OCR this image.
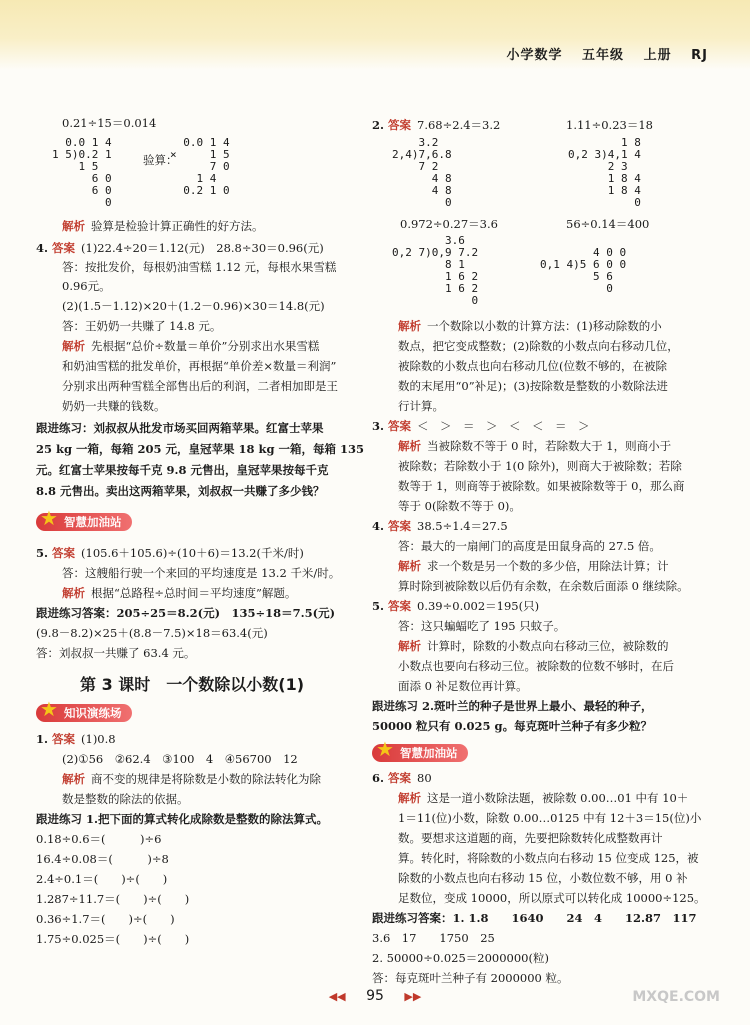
小学数学 五年级 上册 RJ
0.21÷15＝0.014
0.0 1 4
1 5)0.2 1
1 5
6 0
6 0
0
验算：
0.0 1 4
×     1 5
7 0
1 4
0.2 1 0
解析 验算是检验计算正确性的好方法。
4. 答案 (1)22.4÷20＝1.12(元)　28.8÷30＝0.96(元)
答：按批发价，每根奶油雪糕 1.12 元，每根水果雪糕
0.96元。
(2)(1.5－1.12)×20＋(1.2－0.96)×30＝14.8(元)
答：王奶奶一共赚了 14.8 元。
解析 先根据“总价÷数量＝单价”分别求出水果雪糕
和奶油雪糕的批发单价，再根据“单价差×数量＝利润”
分别求出两种雪糕全部售出后的利润，二者相加即是王
奶奶一共赚的钱数。
跟进练习：刘叔叔从批发市场买回两箱苹果。红富士苹果
25 kg 一箱，每箱 205 元，皇冠苹果 18 kg 一箱，每箱 135
元。红富士苹果按每千克 9.8 元售出，皇冠苹果按每千克
8.8 元售出。卖出这两箱苹果，刘叔叔一共赚了多少钱？
★ 智慧加油站
5. 答案 (105.6＋105.6)÷(10＋6)＝13.2(千米/时)
答：这艘船行驶一个来回的平均速度是 13.2 千米/时。
解析 根据“总路程÷总时间＝平均速度”解题。
跟进练习答案：205÷25＝8.2(元)　135÷18＝7.5(元)
(9.8－8.2)×25＋(8.8－7.5)×18＝63.4(元)
答：刘叔叔一共赚了 63.4 元。
第 3 课时　一个数除以小数(1)
★ 知识演练场
1. 答案 (1)0.8
(2)①56　②62.4　③100　4　④56700　12
解析 商不变的规律是将除数是小数的除法转化为除
数是整数的除法的依据。
跟进练习 1.把下面的算式转化成除数是整数的除法算式。
0.18÷0.6＝(　　　)÷6
16.4÷0.08＝(　　　)÷8
2.4÷0.1＝(　　)÷(　　)
1.287÷11.7＝(　　)÷(　　)
0.36÷1.7＝(　　)÷(　　)
1.75÷0.025＝(　　)÷(　　)
2. 答案 7.68÷2.4＝3.2	1.11÷0.23＝18
3.2
2,4)7,6.8
7 2
4 8
4 8
0
1 8
0,2 3)4,1 4
2 3
1 8 4
1 8 4
0
0.972÷0.27＝3.6	56÷0.14＝400
3.6
0,2 7)0,9 7.2
8 1
1 6 2
1 6 2
0
4 0 0
0,1 4)5 6 0 0
5 6
0
解析 一个数除以小数的计算方法：(1)移动除数的小
数点，把它变成整数；(2)除数的小数点向右移动几位，
被除数的小数点也向右移动几位(位数不够的，在被除
数的末尾用“0”补足)；(3)按除数是整数的小数除法进
行计算。
3. 答案 ＜　＞　＝　＞　＜　＜　＝　＞
解析 当被除数不等于 0 时，若除数大于 1，则商小于
被除数；若除数小于 1(0 除外)，则商大于被除数；若除
数等于 1，则商等于被除数。如果被除数等于 0，那么商
等于 0(除数不等于 0)。
4. 答案 38.5÷1.4＝27.5
答：最大的一扇闸门的高度是田鼠身高的 27.5 倍。
解析 求一个数是另一个数的多少倍，用除法计算；计
算时除到被除数以后仍有余数，在余数后面添 0 继续除。
5. 答案 0.39÷0.002＝195(只)
答：这只蝙蝠吃了 195 只蚊子。
解析 计算时，除数的小数点向右移动三位，被除数的
小数点也要向右移动三位。被除数的位数不够时，在后
面添 0 补足数位再计算。
跟进练习 2.斑叶兰的种子是世界上最小、最轻的种子，
50000 粒只有 0.025 g。每克斑叶兰种子有多少粒？
★ 智慧加油站
6. 答案 80
解析 这是一道小数除法题，被除数 0.00…01 中有 10＋
1＝11(位)小数，除数 0.00…0125 中有 12＋3＝15(位)小
数。要想求这道题的商，先要把除数转化成整数再计
算。转化时，将除数的小数点向右移动 15 位变成 125，被
除数的小数点也向右移动 15 位，小数位数不够，用 0 补
足数位，变成 10000，所以原式可以转化成 10000÷125。
跟进练习答案：1. 1.8　　1640　　24　4　　12.87　117
3.6　17　　1750　25
2. 50000÷0.025＝2000000(粒)
答：每克斑叶兰种子有 2000000 粒。
◀◀ 95 ▶▶	MXQE.COM
